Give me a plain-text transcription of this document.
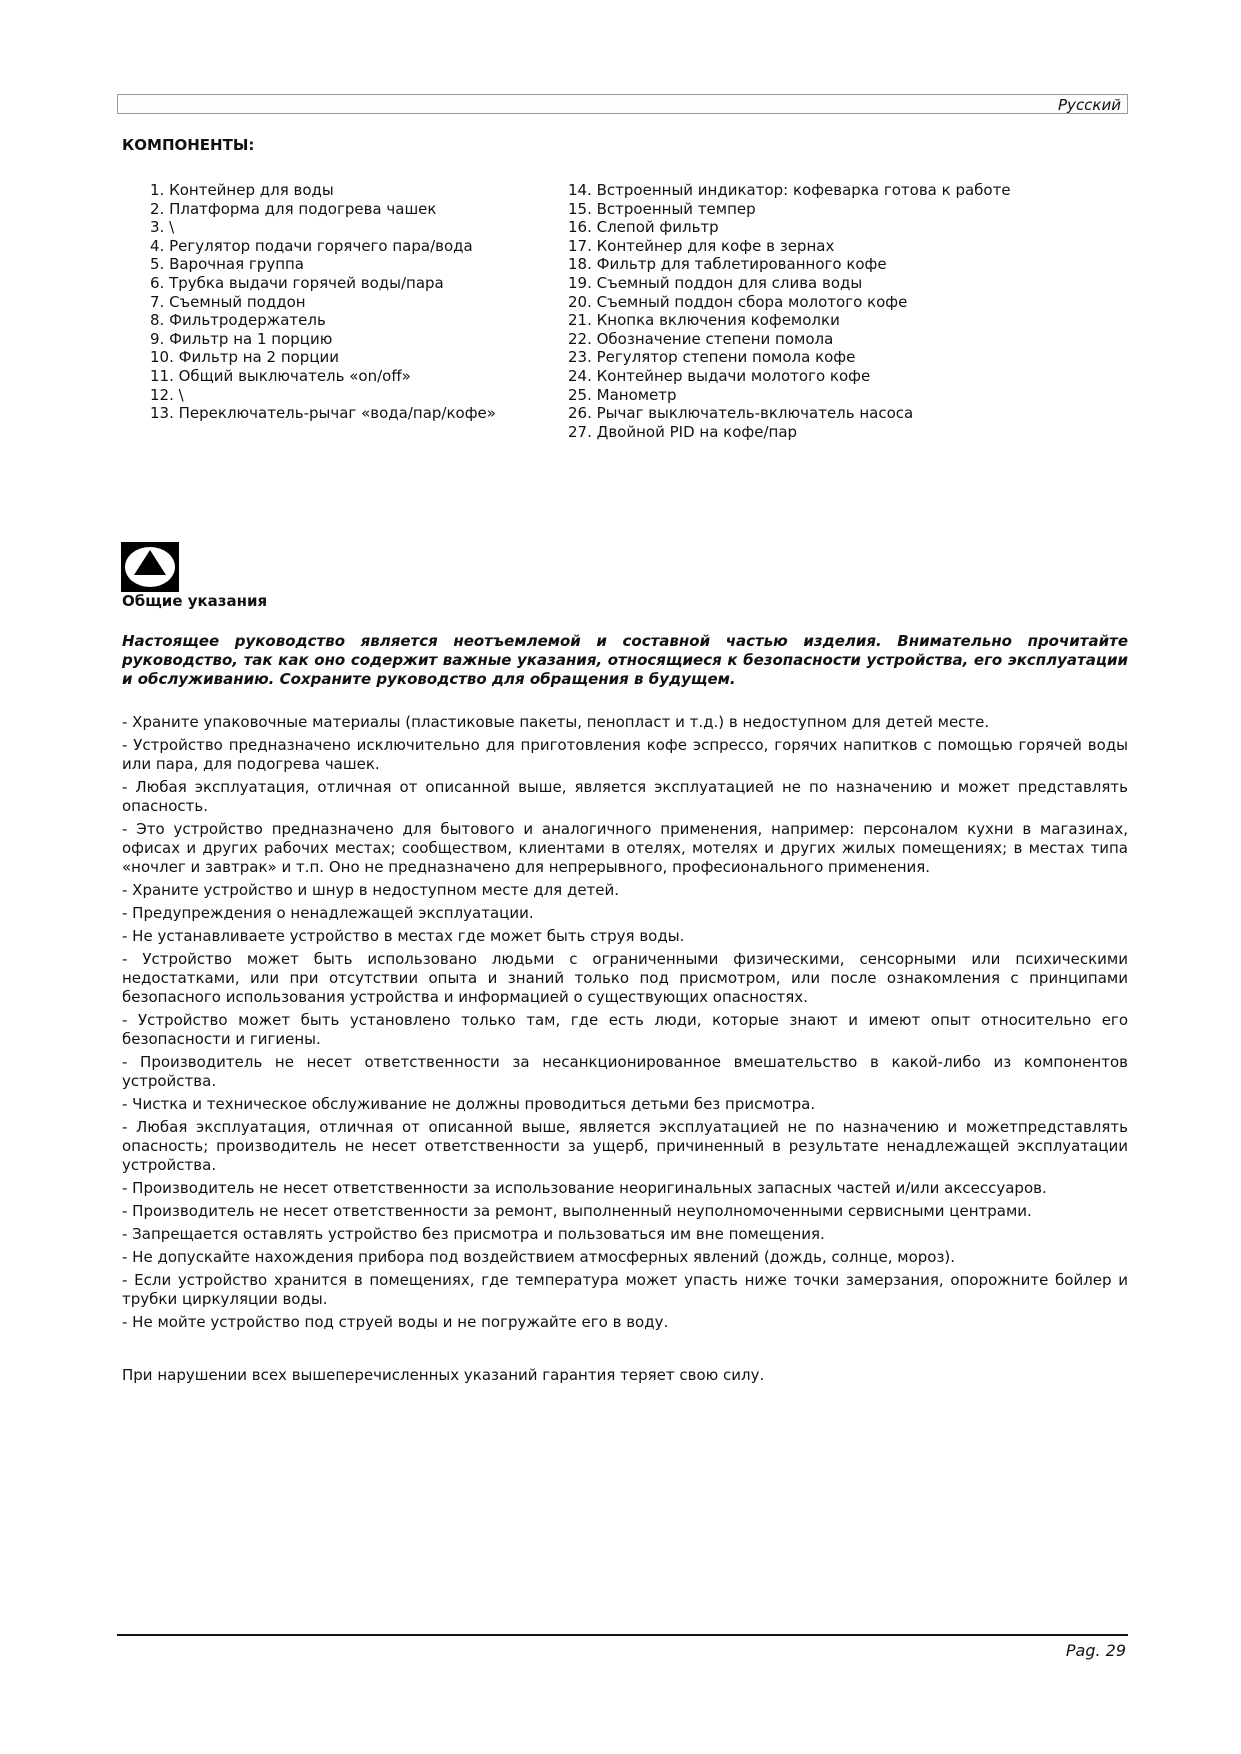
Русский
КОМПОНЕНТЫ:
1. Контейнер для воды
2. Платформа для подогрева чашек
3. \
4. Регулятор подачи горячего пара/вода
5. Варочная группа
6. Трубка выдачи горячей воды/пара
7. Съемный поддон
8. Фильтродержатель
9. Фильтр на 1 порцию
10. Фильтр на 2 порции
11. Общий выключатель «on/off»
12. \
13. Переключатель-рычаг «вода/пар/кофе»
14. Встроенный индикатор: кофеварка готова к работе
15. Встроенный темпер
16. Слепой фильтр
17. Контейнер для кофе в зернах
18. Фильтр для таблетированного кофе
19. Съемный поддон для слива воды
20. Съемный поддон сбора молотого кофе
21. Кнопка включения кофемолки
22. Обозначение степени помола
23. Регулятор степени помола кофе
24. Контейнер выдачи молотого кофе
25. Манометр
26. Рычаг выключатель-включатель насоса
27. Двойной PID на кофе/пар
Общие указания
Настоящее руководство является неотъемлемой и составной частью изделия. Внимательно прочитайте руководство, так как оно содержит важные указания, относящиеся к безопасности устройства, его эксплуатации и обслуживанию. Сохраните руководство для обращения в будущем.
- Храните упаковочные материалы (пластиковые пакеты, пенопласт и т.д.) в недоступном для детей месте.
- Устройство предназначено исключительно для приготовления кофе эспрессо, горячих напитков с помощью горячей воды или пара, для подогрева чашек.
- Любая эксплуатация, отличная от описанной выше, является эксплуатацией не по назначению и может представлять опасность.
- Это устройство предназначено для бытового и аналогичного применения, например: персоналом кухни в магазинах, офисах и других рабочих местах; сообществом, клиентами в отелях, мотелях и других жилых помещениях; в местах типа «ночлег и завтрак» и т.п. Оно не предназначено для непрерывного, професионального применения.
- Храните устройство и шнур в недоступном месте для детей.
- Предупреждения о ненадлежащей эксплуатации.
- Не устанавливаете устройство в местах где может быть струя воды.
- Устройство может быть использовано людьми с ограниченными физическими, сенсорными или психическими недостатками, или при отсутствии опыта и знаний только под присмотром, или после ознакомления с принципами безопасного использования устройства и информацией о существующих опасностях.
- Устройство может быть установлено только там, где есть люди, которые знают и имеют опыт относительно его безопасности и гигиены.
- Производитель не несет ответственности за несанкционированное вмешательство в какой-либо из компонентов устройства.
- Чистка и техническое обслуживание не должны проводиться детьми без присмотра.
- Любая эксплуатация, отличная от описанной выше, является эксплуатацией не по назначению и можетпредставлять опасность; производитель не несет ответственности за ущерб, причиненный в результате ненадлежащей эксплуатации устройства.
- Производитель не несет ответственности за использование неоригинальных запасных частей и/или аксессуаров.
- Производитель не несет ответственности за ремонт, выполненный неуполномоченными сервисными центрами.
- Запрещается оставлять устройство без присмотра и пользоваться им вне помещения.
- Не допускайте нахождения прибора под воздействием атмосферных явлений (дождь, солнце, мороз).
- Если устройство хранится в помещениях, где температура может упасть ниже точки замерзания, опорожните бойлер и трубки циркуляции воды.
- Не мойте устройство под струей воды и не погружайте его в воду.
При нарушении всех вышеперечисленных указаний гарантия теряет свою силу.
Pag. 29
